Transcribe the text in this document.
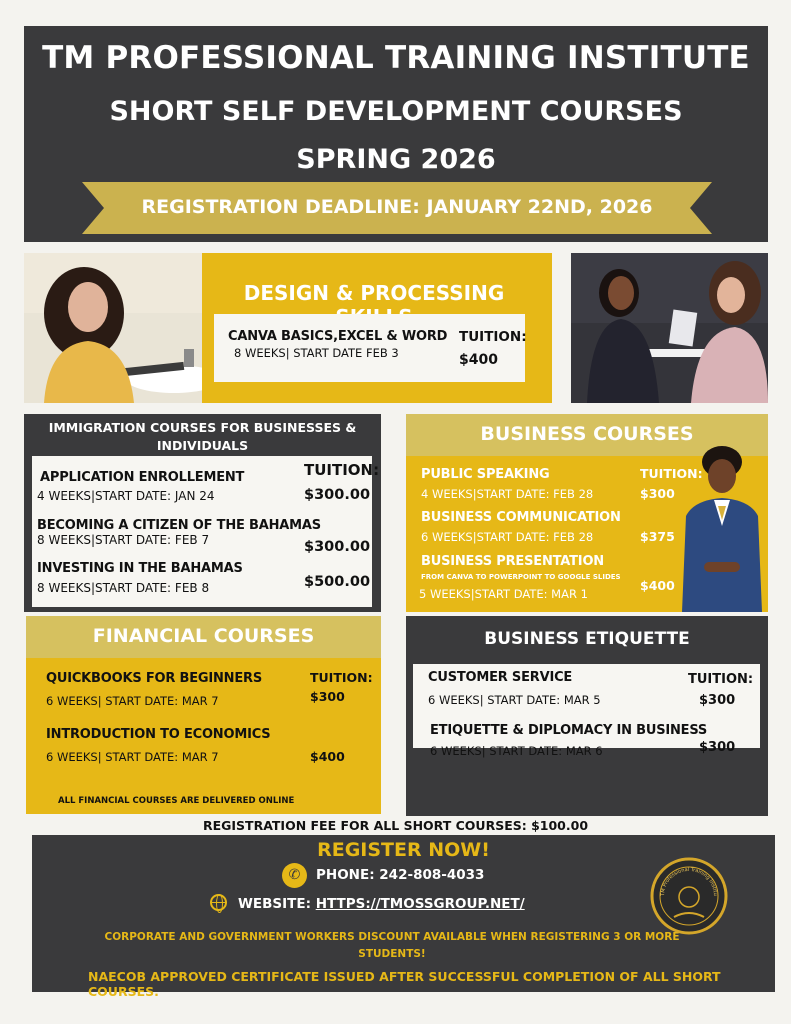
TM PROFESSIONAL TRAINING INSTITUTE
SHORT SELF DEVELOPMENT COURSES
SPRING 2026
REGISTRATION DEADLINE: JANUARY 22ND, 2026
DESIGN & PROCESSING
CANVA BASICS,EXCEL & WORD
8 WEEKS| START DATE FEB 3
TUITION:
$400
IMMIGRATION COURSES FOR BUSINESSES & INDIVIDUALS
TUITION:
APPLICATION ENROLLEMENT
4 WEEKS|START DATE: JAN 24	$300.00
BECOMING A CITIZEN OF THE BAHAMAS
8 WEEKS|START DATE: FEB 7	$300.00
INVESTING IN THE BAHAMAS
8 WEEKS|START DATE: FEB 8	$500.00
BUSINESS COURSES
TUITION:
PUBLIC SPEAKING
4 WEEKS|START DATE: FEB 28	$300
BUSINESS COMMUNICATION
6 WEEKS|START DATE: FEB 28	$375
BUSINESS PRESENTATION
FROM CANVA TO POWERPOINT TO GOOGLE SLIDES
5 WEEKS|START DATE: MAR 1
$400
FINANCIAL COURSES
TUITION:
QUICKBOOKS FOR BEGINNERS
6 WEEKS| START DATE: MAR 7	$300
INTRODUCTION TO ECONOMICS
6 WEEKS| START DATE: MAR 7	$400
ALL FINANCIAL COURSES ARE DELIVERED ONLINE
BUSINESS ETIQUETTE
TUITION:
CUSTOMER SERVICE
6 WEEKS| START DATE: MAR 5	$300
ETIQUETTE & DIPLOMACY IN BUSINESS
6 WEEKS| START DATE: MAR 6	$300
REGISTRATION FEE FOR ALL SHORT COURSES: $100.00
REGISTER NOW!
✆	PHONE: 242-808-4033
WEBSITE: HTTPS://TMOSSGROUP.NET/
CORPORATE AND GOVERNMENT WORKERS DISCOUNT AVAILABLE WHEN REGISTERING 3 OR MORE STUDENTS!
NAECOB APPROVED CERTIFICATE ISSUED AFTER SUCCESSFUL COMPLETION OF ALL SHORT COURSES.
TM Professional Training Institu
